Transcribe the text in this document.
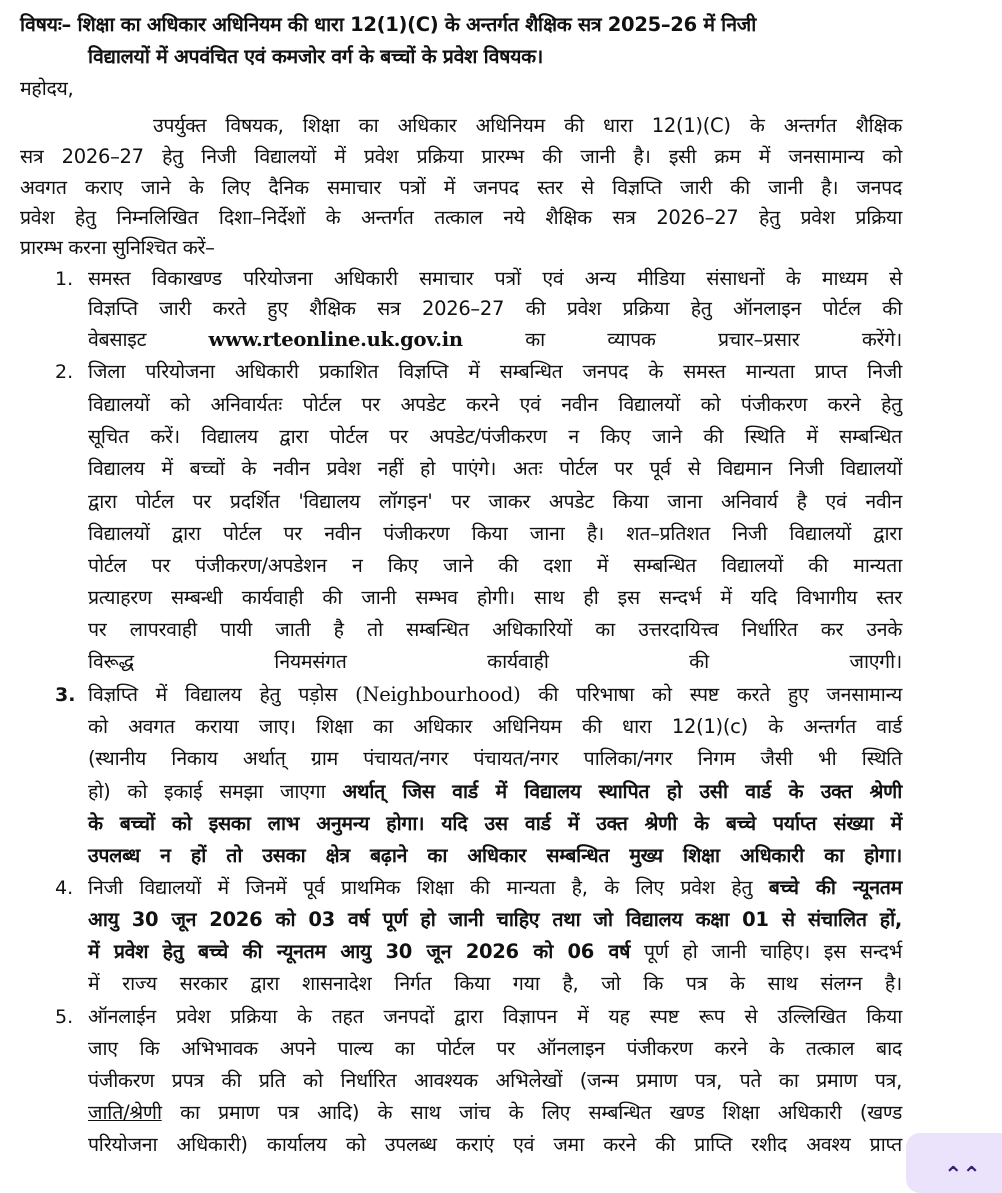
विषयः– शिक्षा का अधिकार अधिनियम की धारा 12(1)(C) के अन्तर्गत शैक्षिक सत्र 2025–26 में निजी
विद्यालयों में अपवंचित एवं कमजोर वर्ग के बच्चों के प्रवेश विषयक।
महोदय,
उपर्युक्त विषयक, शिक्षा का अधिकार अधिनियम की धारा 12(1)(C) के अन्तर्गत शैक्षिक
सत्र 2026–27 हेतु निजी विद्यालयों में प्रवेश प्रक्रिया प्रारम्भ की जानी है। इसी क्रम में जनसामान्य को
अवगत कराए जाने के लिए दैनिक समाचार पत्रों में जनपद स्तर से विज्ञप्ति जारी की जानी है। जनपद
प्रवेश हेतु निम्नलिखित दिशा–निर्देशों के अन्तर्गत तत्काल नये शैक्षिक सत्र 2026–27 हेतु प्रवेश प्रक्रिया
प्रारम्भ करना सुनिश्चित करें–
1. समस्त विकाखण्ड परियोजना अधिकारी समाचार पत्रों एवं अन्य मीडिया संसाधनों के माध्यम से
विज्ञप्ति जारी करते हुए शैक्षिक सत्र 2026–27 की प्रवेश प्रक्रिया हेतु ऑनलाइन पोर्टल की
वेबसाइट www.rteonline.uk.gov.in का व्यापक प्रचार–प्रसार करेंगे।
2. जिला परियोजना अधिकारी प्रकाशित विज्ञप्ति में सम्बन्धित जनपद के समस्त मान्यता प्राप्त निजी
विद्यालयों को अनिवार्यतः पोर्टल पर अपडेट करने एवं नवीन विद्यालयों को पंजीकरण करने हेतु
सूचित करें। विद्यालय द्वारा पोर्टल पर अपडेट/पंजीकरण न किए जाने की स्थिति में सम्बन्धित
विद्यालय में बच्चों के नवीन प्रवेश नहीं हो पाएंगे। अतः पोर्टल पर पूर्व से विद्यमान निजी विद्यालयों
द्वारा पोर्टल पर प्रदर्शित 'विद्यालय लॉगइन' पर जाकर अपडेट किया जाना अनिवार्य है एवं नवीन
विद्यालयों द्वारा पोर्टल पर नवीन पंजीकरण किया जाना है। शत–प्रतिशत निजी विद्यालयों द्वारा
पोर्टल पर पंजीकरण/अपडेशन न किए जाने की दशा में सम्बन्धित विद्यालयों की मान्यता
प्रत्याहरण सम्बन्धी कार्यवाही की जानी सम्भव होगी। साथ ही इस सन्दर्भ में यदि विभागीय स्तर
पर लापरवाही पायी जाती है तो सम्बन्धित अधिकारियों का उत्तरदायित्त्व निर्धारित कर उनके
विरूद्ध नियमसंगत कार्यवाही की जाएगी।
3. विज्ञप्ति में विद्यालय हेतु पड़ोस (Neighbourhood) की परिभाषा को स्पष्ट करते हुए जनसामान्य
को अवगत कराया जाए। शिक्षा का अधिकार अधिनियम की धारा 12(1)(c) के अन्तर्गत वार्ड
(स्थानीय निकाय अर्थात् ग्राम पंचायत/नगर पंचायत/नगर पालिका/नगर निगम जैसी भी स्थिति
हो) को इकाई समझा जाएगा अर्थात् जिस वार्ड में विद्यालय स्थापित हो उसी वार्ड के उक्त श्रेणी
के बच्चों को इसका लाभ अनुमन्य होगा। यदि उस वार्ड में उक्त श्रेणी के बच्चे पर्याप्त संख्या में
उपलब्ध न हों तो उसका क्षेत्र बढ़ाने का अधिकार सम्बन्धित मुख्य शिक्षा अधिकारी का होगा।
4. निजी विद्यालयों में जिनमें पूर्व प्राथमिक शिक्षा की मान्यता है, के लिए प्रवेश हेतु बच्चे की न्यूनतम
आयु 30 जून 2026 को 03 वर्ष पूर्ण हो जानी चाहिए तथा जो विद्यालय कक्षा 01 से संचालित हों,
में प्रवेश हेतु बच्चे की न्यूनतम आयु 30 जून 2026 को 06 वर्ष पूर्ण हो जानी चाहिए। इस सन्दर्भ
में राज्य सरकार द्वारा शासनादेश निर्गत किया गया है, जो कि पत्र के साथ संलग्न है।
5. ऑनलाईन प्रवेश प्रक्रिया के तहत जनपदों द्वारा विज्ञापन में यह स्पष्ट रूप से उल्लिखित किया
जाए कि अभिभावक अपने पाल्य का पोर्टल पर ऑनलाइन पंजीकरण करने के तत्काल बाद
पंजीकरण प्रपत्र की प्रति को निर्धारित आवश्यक अभिलेखों (जन्म प्रमाण पत्र, पते का प्रमाण पत्र,
जाति/श्रेणी का प्रमाण पत्र आदि) के साथ जांच के लिए सम्बन्धित खण्ड शिक्षा अधिकारी (खण्ड
परियोजना अधिकारी) कार्यालय को उपलब्ध कराएं एवं जमा करने की प्राप्ति रशीद अवश्य प्राप्त
⌃⌃
